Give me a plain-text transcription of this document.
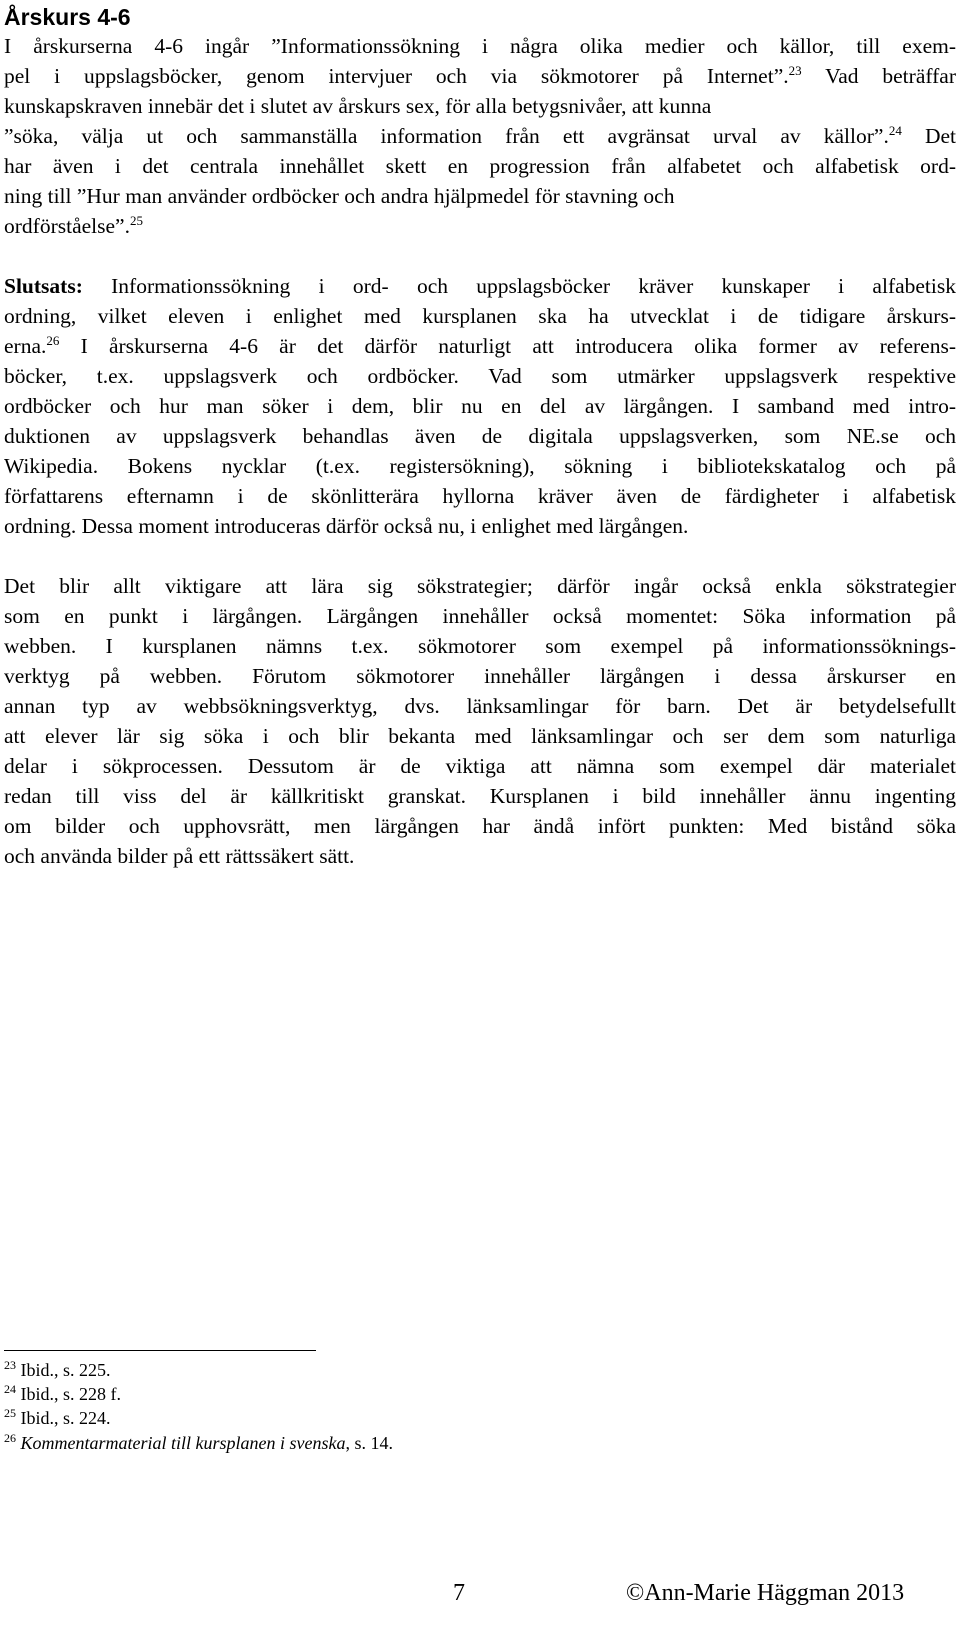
Årskurs 4-6

I årskurserna 4-6 ingår ”Informationssökning i några olika medier och källor, till exem-

pel i uppslagsböcker, genom intervjuer och via sökmotorer på Internet”.$^{23}$ Vad beträffar

kunskapskraven innebär det i slutet av årskurs sex, för alla betygsnivåer, att kunna

”söka, välja ut och sammanställa information från ett avgränsat urval av källor”.$^{24}$ Det

har även i det centrala innehållet skett en progression från alfabetet och alfabetisk ord-

ning till ”Hur man använder ordböcker och andra hjälpmedel för stavning och

ordförståelse”.$^{25}$

Slutsats: Informationssökning i ord- och uppslagsböcker kräver kunskaper i alfabetisk

ordning, vilket eleven i enlighet med kursplanen ska ha utvecklat i de tidigare årskurs-

erna.$^{26}$ I årskurserna 4-6 är det därför naturligt att introducera olika former av referens-

böcker, t.ex. uppslagsverk och ordböcker. Vad som utmärker uppslagsverk respektive

ordböcker och hur man söker i dem, blir nu en del av lärgången. I samband med intro-

duktionen av uppslagsverk behandlas även de digitala uppslagsverken, som NE.se och

Wikipedia. Bokens nycklar (t.ex. registersökning), sökning i bibliotekskatalog och på

författarens efternamn i de skönlitterära hyllorna kräver även de färdigheter i alfabetisk

ordning. Dessa moment introduceras därför också nu, i enlighet med lärgången.

Det blir allt viktigare att lära sig sökstrategier; därför ingår också enkla sökstrategier

som en punkt i lärgången. Lärgången innehåller också momentet: Söka information på

webben. I kursplanen nämns t.ex. sökmotorer som exempel på informationssöknings-

verktyg på webben. Förutom sökmotorer innehåller lärgången i dessa årskurser en

annan typ av webbsökningsverktyg, dvs. länksamlingar för barn. Det är betydelsefullt

att elever lär sig söka i och blir bekanta med länksamlingar och ser dem som naturliga

delar i sökprocessen. Dessutom är de viktiga att nämna som exempel där materialet

redan till viss del är källkritiskt granskat. Kursplanen i bild innehåller ännu ingenting

om bilder och upphovsrätt, men lärgången har ändå infört punkten: Med bistånd söka

och använda bilder på ett rättssäkert sätt.

$^{23}$ Ibid., s. 225.

$^{24}$ Ibid., s. 228 f.

$^{25}$ Ibid., s. 224.

$^{26}$ Kommentarmaterial till kursplanen i svenska, s. 14.

7	©Ann-Marie Häggman 2013
